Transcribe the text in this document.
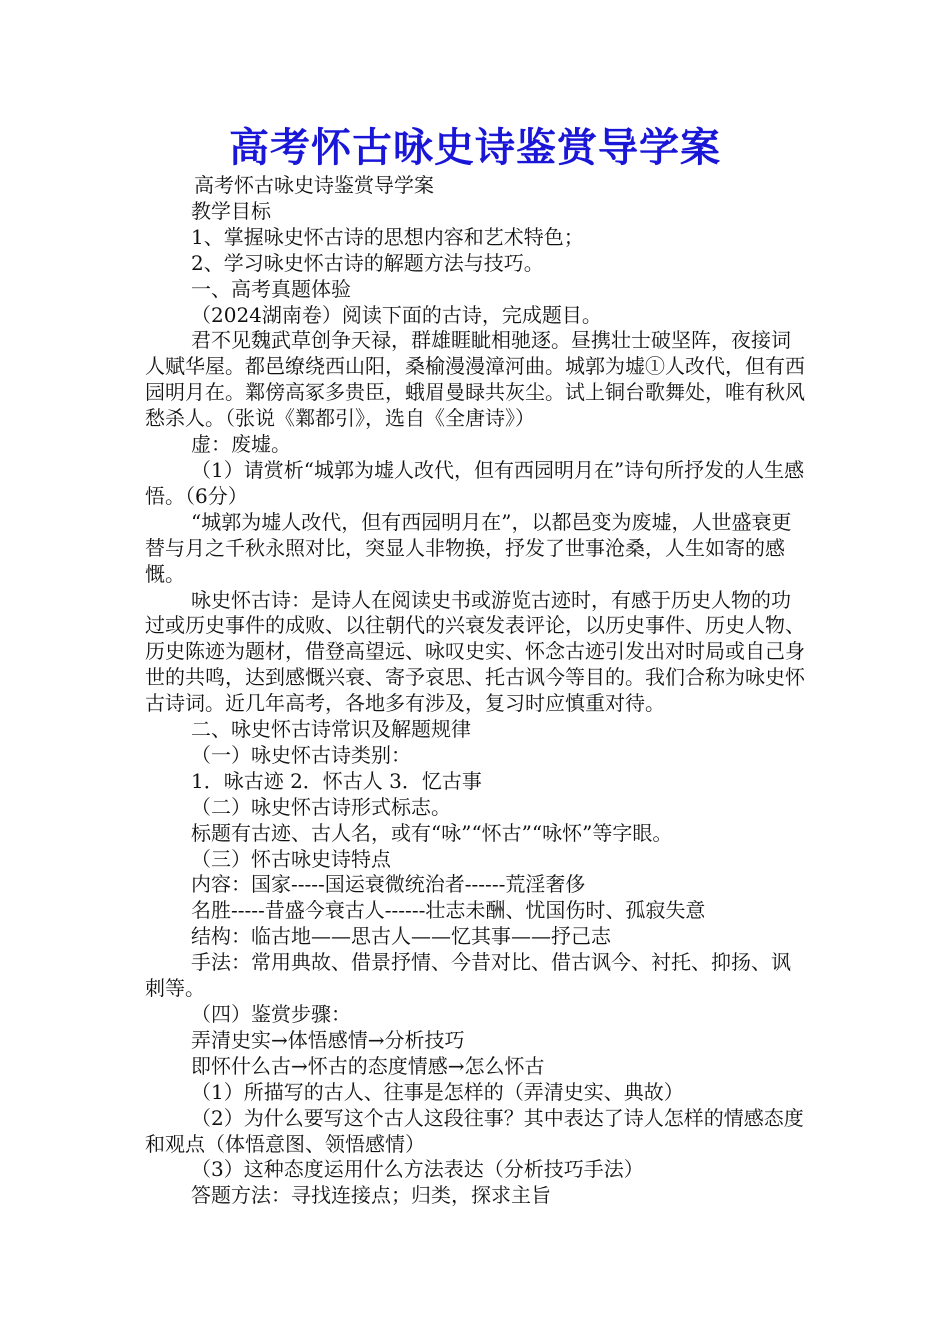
高考怀古咏史诗鉴赏导学案

高考怀古咏史诗鉴赏导学案

教学目标

1、掌握咏史怀古诗的思想内容和艺术特色；

2、学习咏史怀古诗的解题方法与技巧。

一、高考真题体验

（2024湖南卷）阅读下面的古诗，完成题目。

君不见魏武草创争天禄，群雄睚眦相驰逐。昼携壮士破坚阵，夜接词人赋华屋。都邑缭绕西山阳，桑榆漫漫漳河曲。城郭为墟①人改代，但有西园明月在。鄴傍高冢多贵臣，蛾眉曼睩共灰尘。试上铜台歌舞处，唯有秋风愁杀人。（张说《鄴都引》，选自《全唐诗》）

虚：废墟。

（1）请赏析“城郭为墟人改代，但有西园明月在”诗句所抒发的人生感悟。（6分）

“城郭为墟人改代，但有西园明月在”，以都邑变为废墟，人世盛衰更替与月之千秋永照对比，突显人非物换，抒发了世事沧桑，人生如寄的感慨。

咏史怀古诗：是诗人在阅读史书或游览古迹时，有感于历史人物的功过或历史事件的成败、以往朝代的兴衰发表评论，以历史事件、历史人物、历史陈迹为题材，借登高望远、咏叹史实、怀念古迹引发出对时局或自己身世的共鸣，达到感慨兴衰、寄予哀思、托古讽今等目的。我们合称为咏史怀古诗词。近几年高考，各地多有涉及，复习时应慎重对待。

二、咏史怀古诗常识及解题规律

（一）咏史怀古诗类别：

1．咏古迹 2．怀古人 3．忆古事

（二）咏史怀古诗形式标志。

标题有古迹、古人名，或有“咏”“怀古”“咏怀”等字眼。

（三）怀古咏史诗特点

内容：国家-----国运衰微统治者------荒淫奢侈

名胜-----昔盛今衰古人------壮志未酬、忧国伤时、孤寂失意

结构：临古地——思古人——忆其事——抒己志

手法：常用典故、借景抒情、今昔对比、借古讽今、衬托、抑扬、讽刺等。

（四）鉴赏步骤：

弄清史实→体悟感情→分析技巧

即怀什么古→怀古的态度情感→怎么怀古

（1）所描写的古人、往事是怎样的（弄清史实、典故）

（2）为什么要写这个古人这段往事？其中表达了诗人怎样的情感态度和观点（体悟意图、领悟感情）

（3）这种态度运用什么方法表达（分析技巧手法）

答题方法：寻找连接点；归类，探求主旨
